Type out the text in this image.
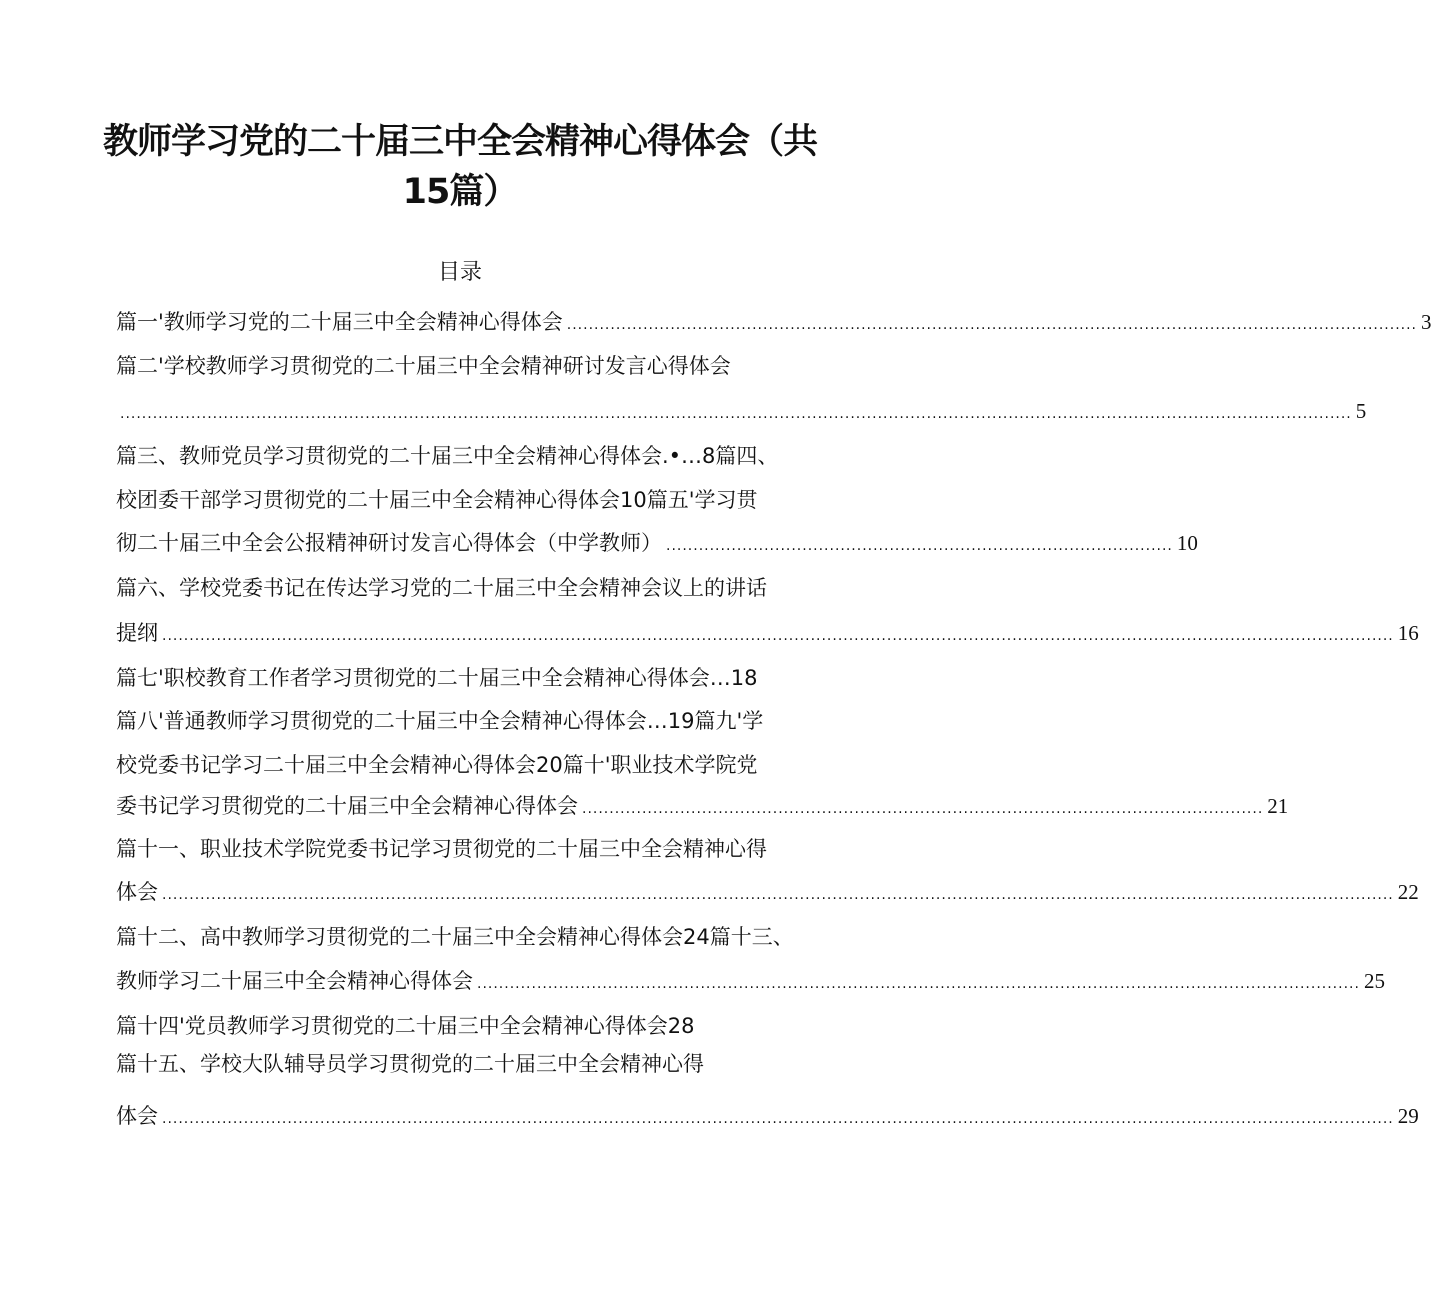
教师学习党的二十届三中全会精神心得体会（共
15篇）
目录
篇一'教师学习党的二十届三中全会精神心得体会 ............................................................................................................................................................ 3
篇二'学校教师学习贯彻党的二十届三中全会精神研讨发言心得体会
.................................................................................................................................................................................................................................. 5
篇三、教师党员学习贯彻党的二十届三中全会精神心得体会.•…8篇四、
校团委干部学习贯彻党的二十届三中全会精神心得体会10篇五'学习贯
彻二十届三中全会公报精神研讨发言心得体会（中学教师） ............................................................................................. 10
篇六、学校党委书记在传达学习党的二十届三中全会精神会议上的讲话
提纲 .................................................................................................................................................................................................................................. 16
篇七'职校教育工作者学习贯彻党的二十届三中全会精神心得体会…18
篇八'普通教师学习贯彻党的二十届三中全会精神心得体会…19篇九'学
校党委书记学习二十届三中全会精神心得体会20篇十'职业技术学院党
委书记学习贯彻党的二十届三中全会精神心得体会 ............................................................................................................................. 21
篇十一、职业技术学院党委书记学习贯彻党的二十届三中全会精神心得
体会 .................................................................................................................................................................................................................................. 22
篇十二、高中教师学习贯彻党的二十届三中全会精神心得体会24篇十三、
教师学习二十届三中全会精神心得体会 .................................................................................................................................................................. 25
篇十四'党员教师学习贯彻党的二十届三中全会精神心得体会28
篇十五、学校大队辅导员学习贯彻党的二十届三中全会精神心得
体会 .................................................................................................................................................................................................................................. 29
